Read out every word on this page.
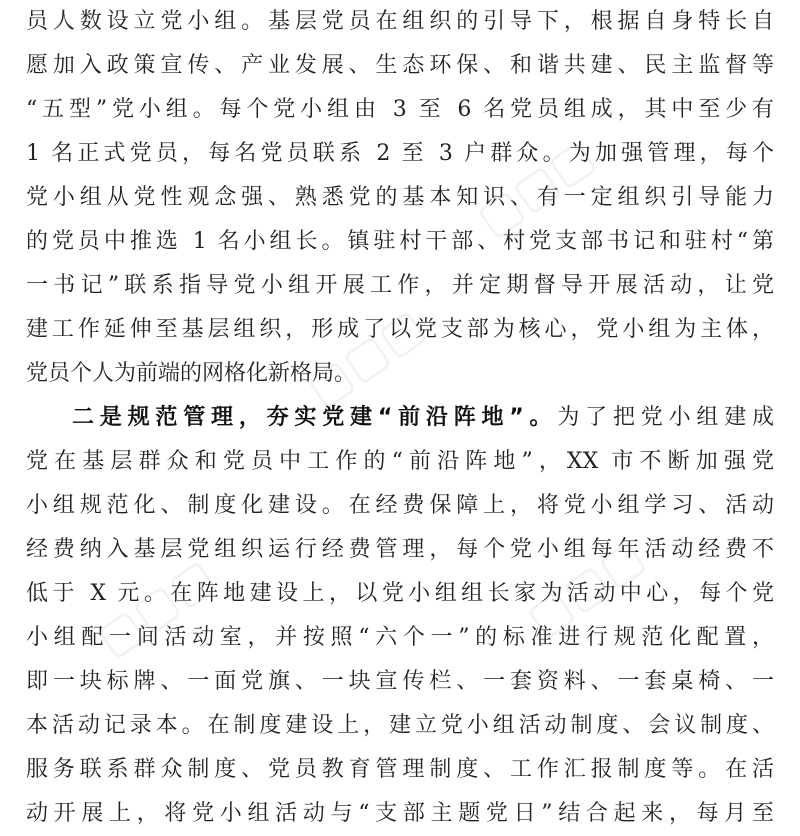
员人数设立党小组。基层党员在组织的引导下，根据自身特长自
愿加入政策宣传、产业发展、生态环保、和谐共建、民主监督等
“五型”党小组。每个党小组由 3 至 6 名党员组成，其中至少有
1 名正式党员，每名党员联系 2 至 3 户群众。为加强管理，每个
党小组从党性观念强、熟悉党的基本知识、有一定组织引导能力
的党员中推选 1 名小组长。镇驻村干部、村党支部书记和驻村“第
一书记”联系指导党小组开展工作，并定期督导开展活动，让党
建工作延伸至基层组织，形成了以党支部为核心，党小组为主体，
党员个人为前端的网格化新格局。
二是规范管理，夯实党建“前沿阵地”。为了把党小组建成
党在基层群众和党员中工作的“前沿阵地”，XX 市不断加强党
小组规范化、制度化建设。在经费保障上，将党小组学习、活动
经费纳入基层党组织运行经费管理，每个党小组每年活动经费不
低于 X 元。在阵地建设上，以党小组组长家为活动中心，每个党
小组配一间活动室，并按照“六个一”的标准进行规范化配置，
即一块标牌、一面党旗、一块宣传栏、一套资料、一套桌椅、一
本活动记录本。在制度建设上，建立党小组活动制度、会议制度、
服务联系群众制度、党员教育管理制度、工作汇报制度等。在活
动开展上，将党小组活动与“支部主题党日”结合起来，每月至
▢▢▢
▢▢▢
▢▢▢
▢▢▢
